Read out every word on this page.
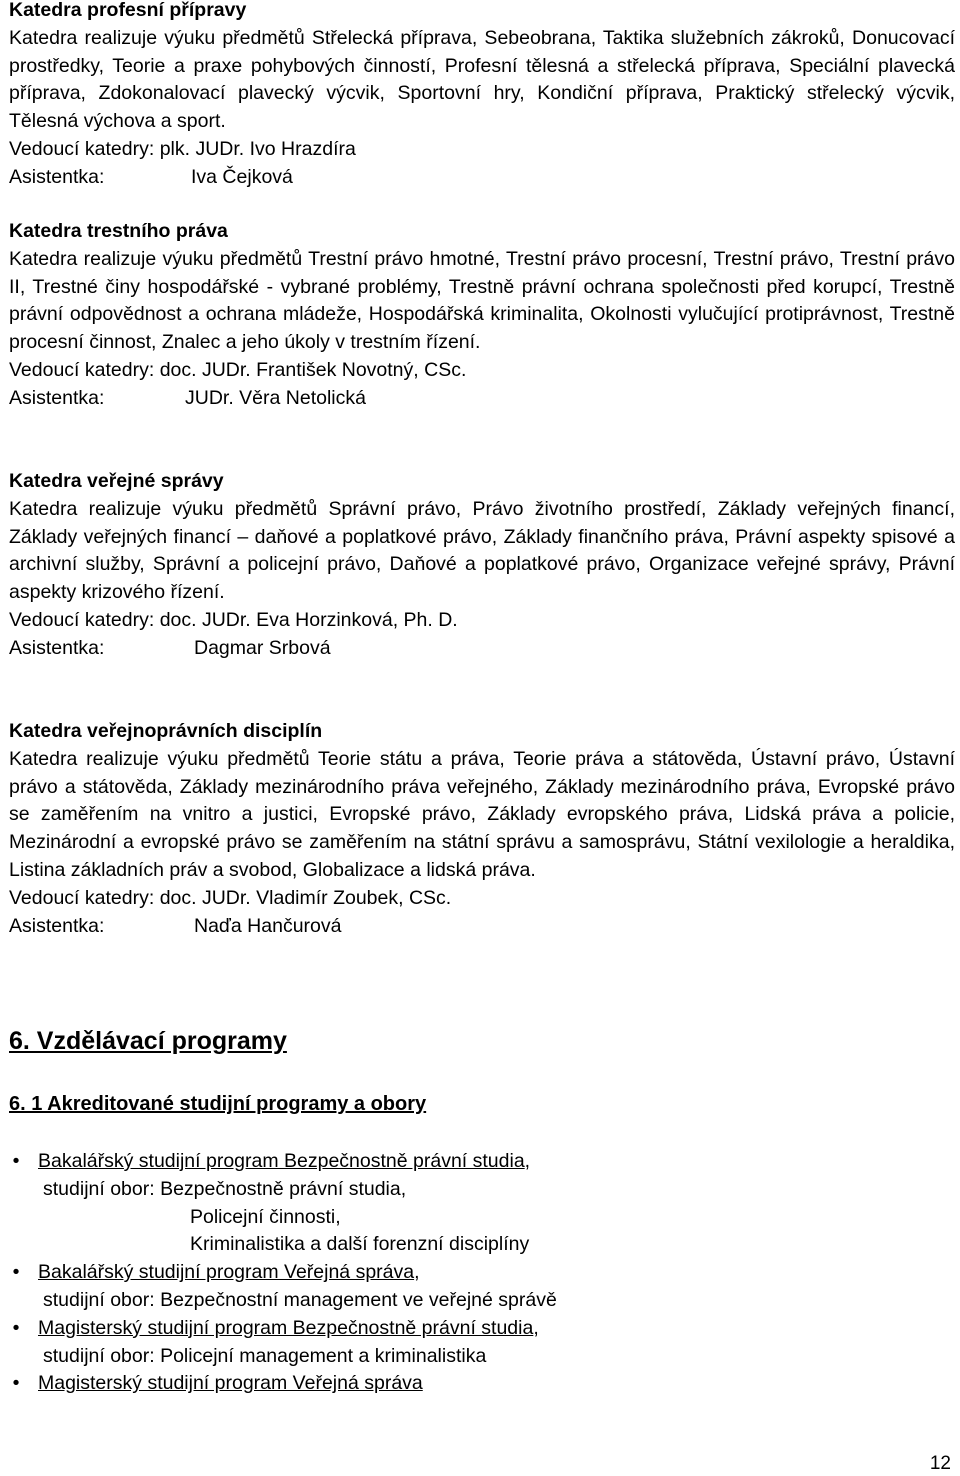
Katedra profesní přípravy

Katedra realizuje výuku předmětů Střelecká příprava, Sebeobrana, Taktika služebních zákroků, Donucovací prostředky, Teorie a praxe pohybových činností, Profesní tělesná a střelecká příprava, Speciální plavecká příprava, Zdokonalovací plavecký výcvik, Sportovní hry, Kondiční příprava, Praktický střelecký výcvik, Tělesná výchova a sport.

Vedoucí katedry: plk. JUDr. Ivo Hrazdíra

Asistentka:	Iva Čejková

Katedra trestního práva

Katedra realizuje výuku předmětů Trestní právo hmotné, Trestní právo procesní, Trestní právo, Trestní právo II, Trestné činy hospodářské - vybrané problémy, Trestně právní ochrana společnosti před korupcí, Trestně právní odpovědnost a ochrana mládeže, Hospodářská kriminalita, Okolnosti vylučující protiprávnost, Trestně procesní činnost, Znalec a jeho úkoly v trestním řízení.

Vedoucí katedry: doc. JUDr. František Novotný, CSc.

Asistentka:	JUDr. Věra Netolická

Katedra veřejné správy

Katedra realizuje výuku předmětů Správní právo, Právo životního prostředí, Základy veřejných financí, Základy veřejných financí – daňové a poplatkové právo, Základy finančního práva, Právní aspekty spisové a archivní služby, Správní a policejní právo, Daňové a poplatkové právo, Organizace veřejné správy, Právní aspekty krizového řízení.

Vedoucí katedry: doc. JUDr. Eva Horzinková, Ph. D.

Asistentka:	Dagmar Srbová

Katedra veřejnoprávních disciplín

Katedra realizuje výuku předmětů Teorie státu a práva, Teorie práva a státověda, Ústavní právo, Ústavní právo a státověda, Základy mezinárodního práva veřejného, Základy mezinárodního práva, Evropské právo se zaměřením na vnitro a justici, Evropské právo, Základy evropského práva, Lidská práva a policie, Mezinárodní a evropské právo se zaměřením na státní správu a samosprávu, Státní vexilologie a heraldika, Listina základních práv a svobod, Globalizace a lidská práva.

Vedoucí katedry: doc. JUDr. Vladimír Zoubek, CSc.

Asistentka:	Naďa Hančurová

6. Vzdělávací programy
6. 1 Akreditované studijní programy a obory
• Bakalářský studijní program Bezpečnostně právní studia,
studijní obor: Bezpečnostně právní studia,
Policejní činnosti,
Kriminalistika a další forenzní disciplíny
• Bakalářský studijní program Veřejná správa,
studijní obor: Bezpečnostní management ve veřejné správě
• Magisterský studijní program Bezpečnostně právní studia,
studijní obor: Policejní management a kriminalistika
• Magisterský studijní program Veřejná správa
12
